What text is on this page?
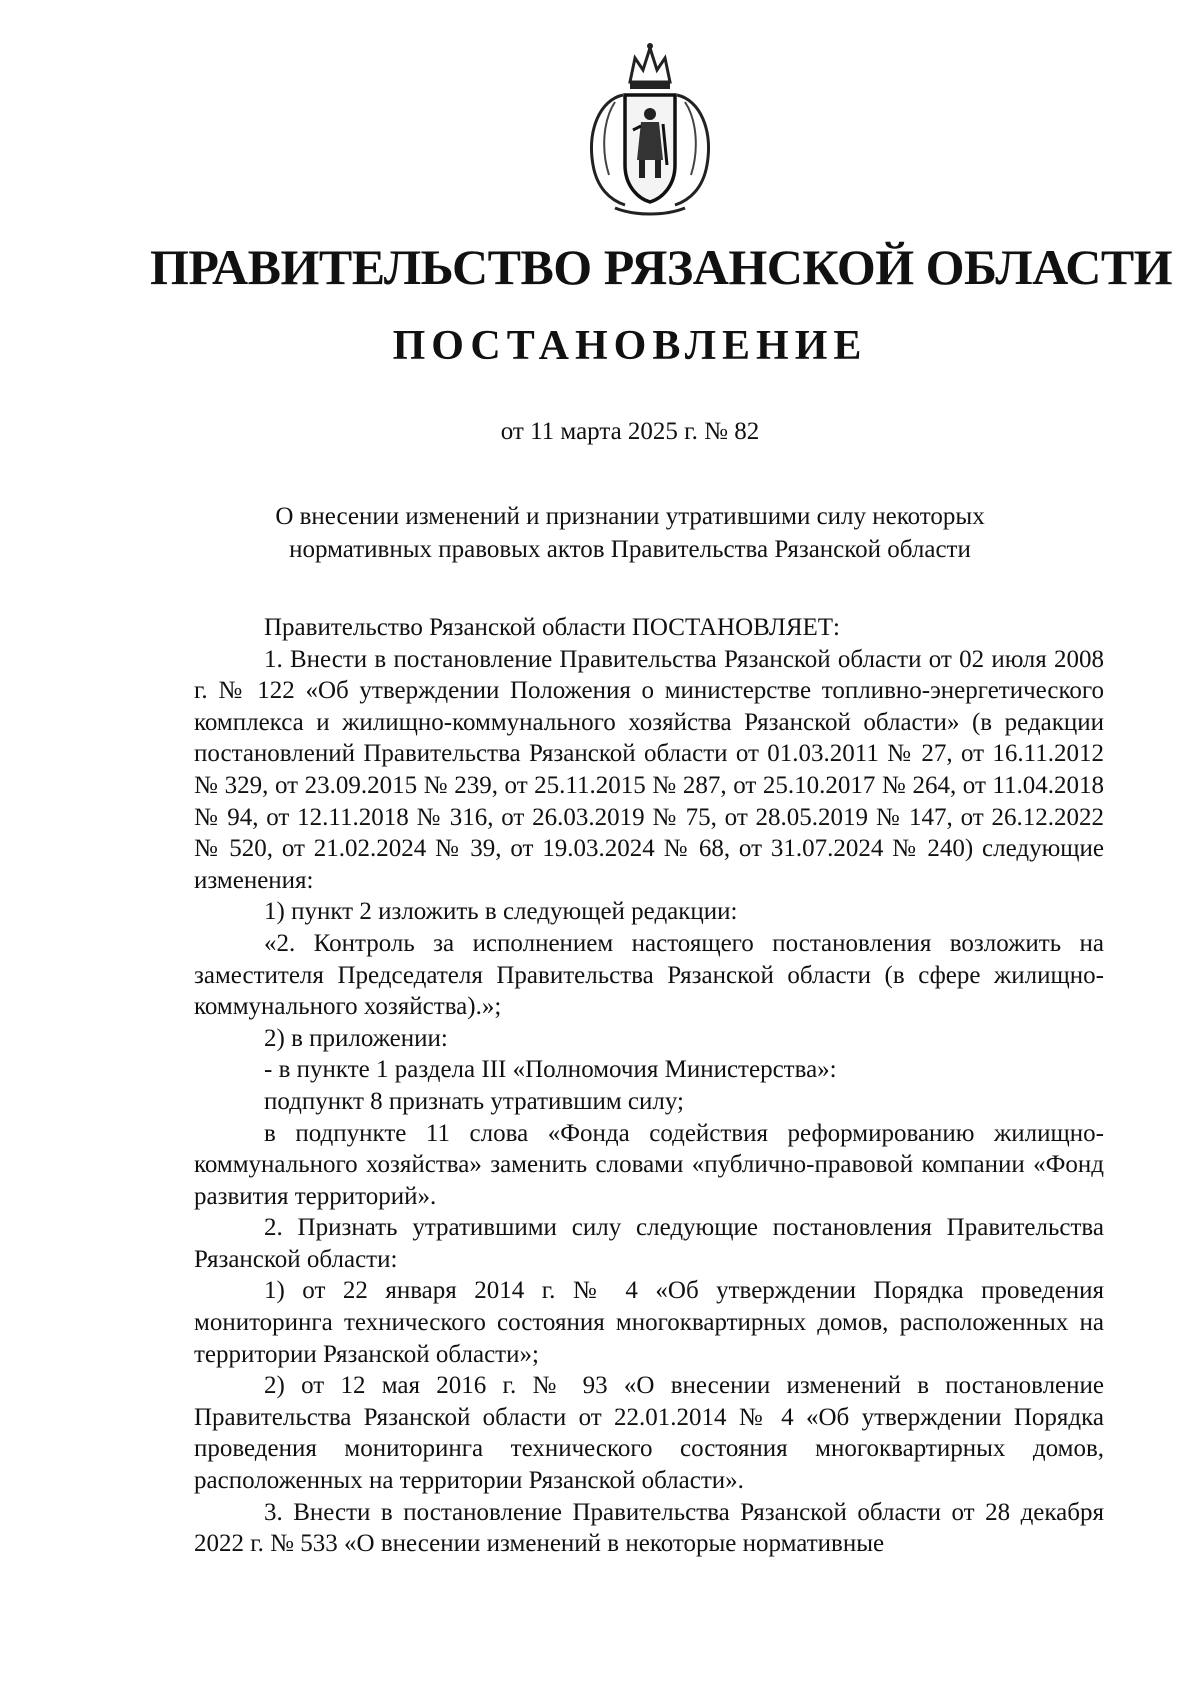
ПРАВИТЕЛЬСТВО РЯЗАНСКОЙ ОБЛАСТИ
ПОСТАНОВЛЕНИЕ
от 11 марта 2025 г. № 82
О внесении изменений и признании утратившими силу некоторых
нормативных правовых актов Правительства Рязанской области

Правительство Рязанской области ПОСТАНОВЛЯЕТ:

1. Внести в постановление Правительства Рязанской области от 02 июля 2008 г. № 122 «Об утверждении Положения о министерстве топливно-энергетического комплекса и жилищно-коммунального хозяйства Рязанской области» (в редакции постановлений Правительства Рязанской области от 01.03.2011 № 27, от 16.11.2012 № 329, от 23.09.2015 № 239, от 25.11.2015 № 287, от 25.10.2017 № 264, от 11.04.2018 № 94, от 12.11.2018 № 316, от 26.03.2019 № 75, от 28.05.2019 № 147, от 26.12.2022 № 520, от 21.02.2024 № 39, от 19.03.2024 № 68, от 31.07.2024 № 240) следующие изменения:

1) пункт 2 изложить в следующей редакции:

«2. Контроль за исполнением настоящего постановления возложить на заместителя Председателя Правительства Рязанской области (в сфере жилищно-коммунального хозяйства).»;

2) в приложении:

- в пункте 1 раздела III «Полномочия Министерства»:

подпункт 8 признать утратившим силу;

в подпункте 11 слова «Фонда содействия реформированию жилищно-коммунального хозяйства» заменить словами «публично-правовой компании «Фонд развития территорий».

2. Признать утратившими силу следующие постановления Правительства Рязанской области:

1) от 22 января 2014 г. № 4 «Об утверждении Порядка проведения мониторинга технического состояния многоквартирных домов, расположенных на территории Рязанской области»;

2) от 12 мая 2016 г. № 93 «О внесении изменений в постановление Правительства Рязанской области от 22.01.2014 № 4 «Об утверждении Порядка проведения мониторинга технического состояния многоквартирных домов, расположенных на территории Рязанской области».

3. Внести в постановление Правительства Рязанской области от 28 декабря 2022 г. № 533 «О внесении изменений в некоторые нормативные
